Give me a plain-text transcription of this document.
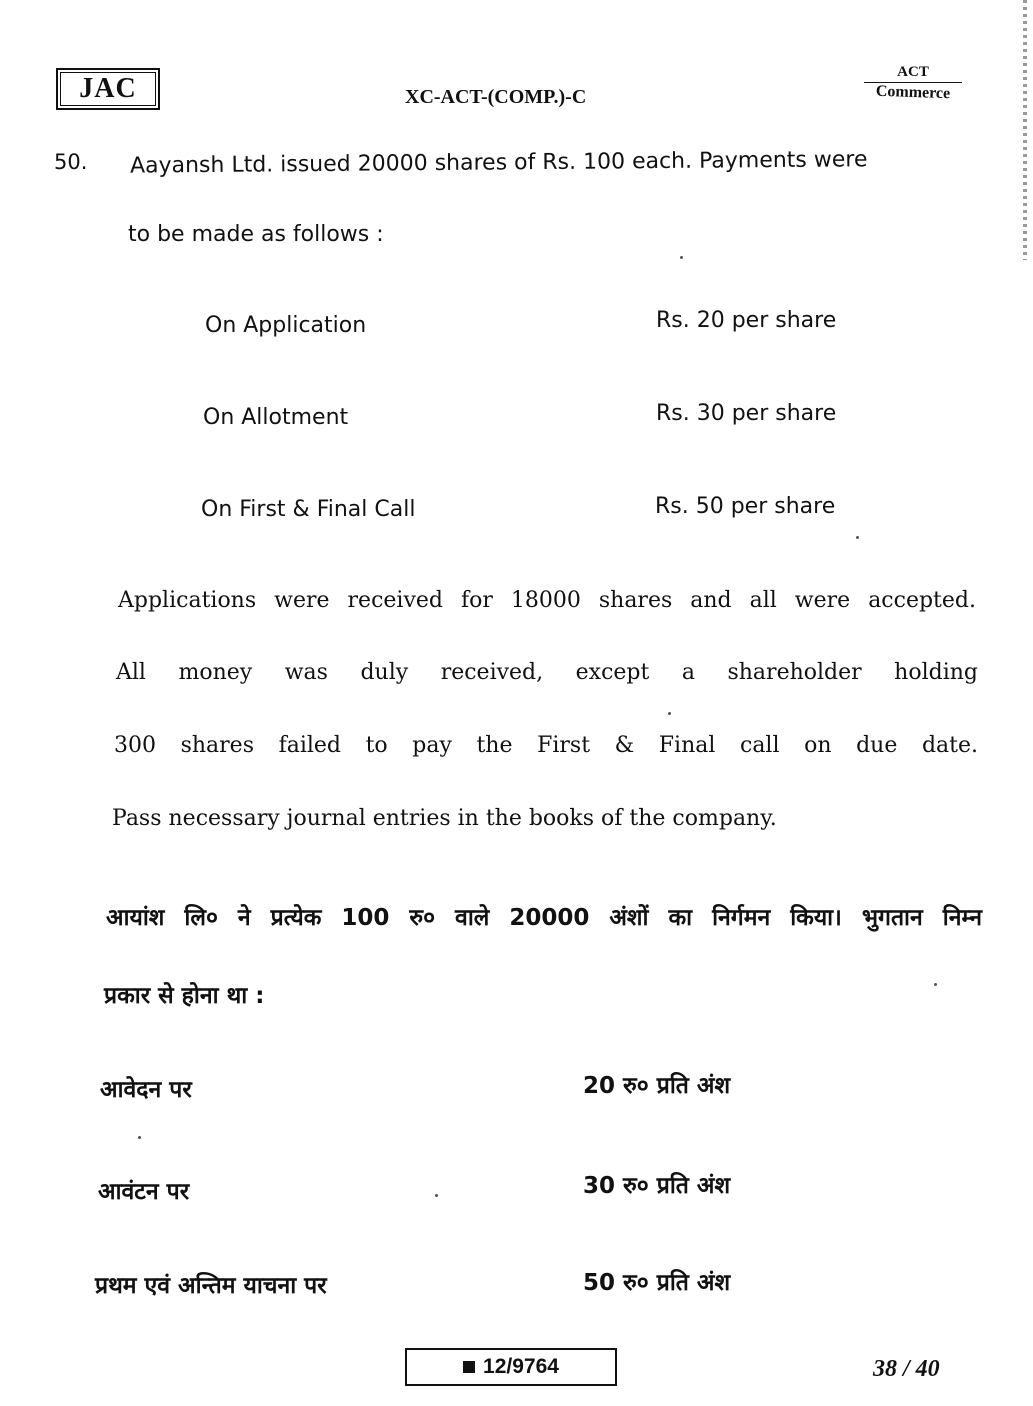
JAC	XC-ACT-(COMP.)-C
ACT
Commerce
50. Aayansh Ltd. issued 20000 shares of Rs. 100 each. Payments were
to be made as follows :
On Application	Rs. 20 per share
On Allotment	Rs. 30 per share
On First & Final Call	Rs. 50 per share
Applications were received for 18000 shares and all were accepted.
All money was duly received, except a shareholder holding
300 shares failed to pay the First & Final call on due date.
Pass necessary journal entries in the books of the company.
आयांश लि० ने प्रत्येक 100 रु० वाले 20000 अंशों का निर्गमन किया। भुगतान निम्न
प्रकार से होना था :
आवेदन पर	20 रु० प्रति अंश
आवंटन पर	30 रु० प्रति अंश
प्रथम एवं अन्तिम याचना पर	50 रु० प्रति अंश
12/9764	38 / 40
